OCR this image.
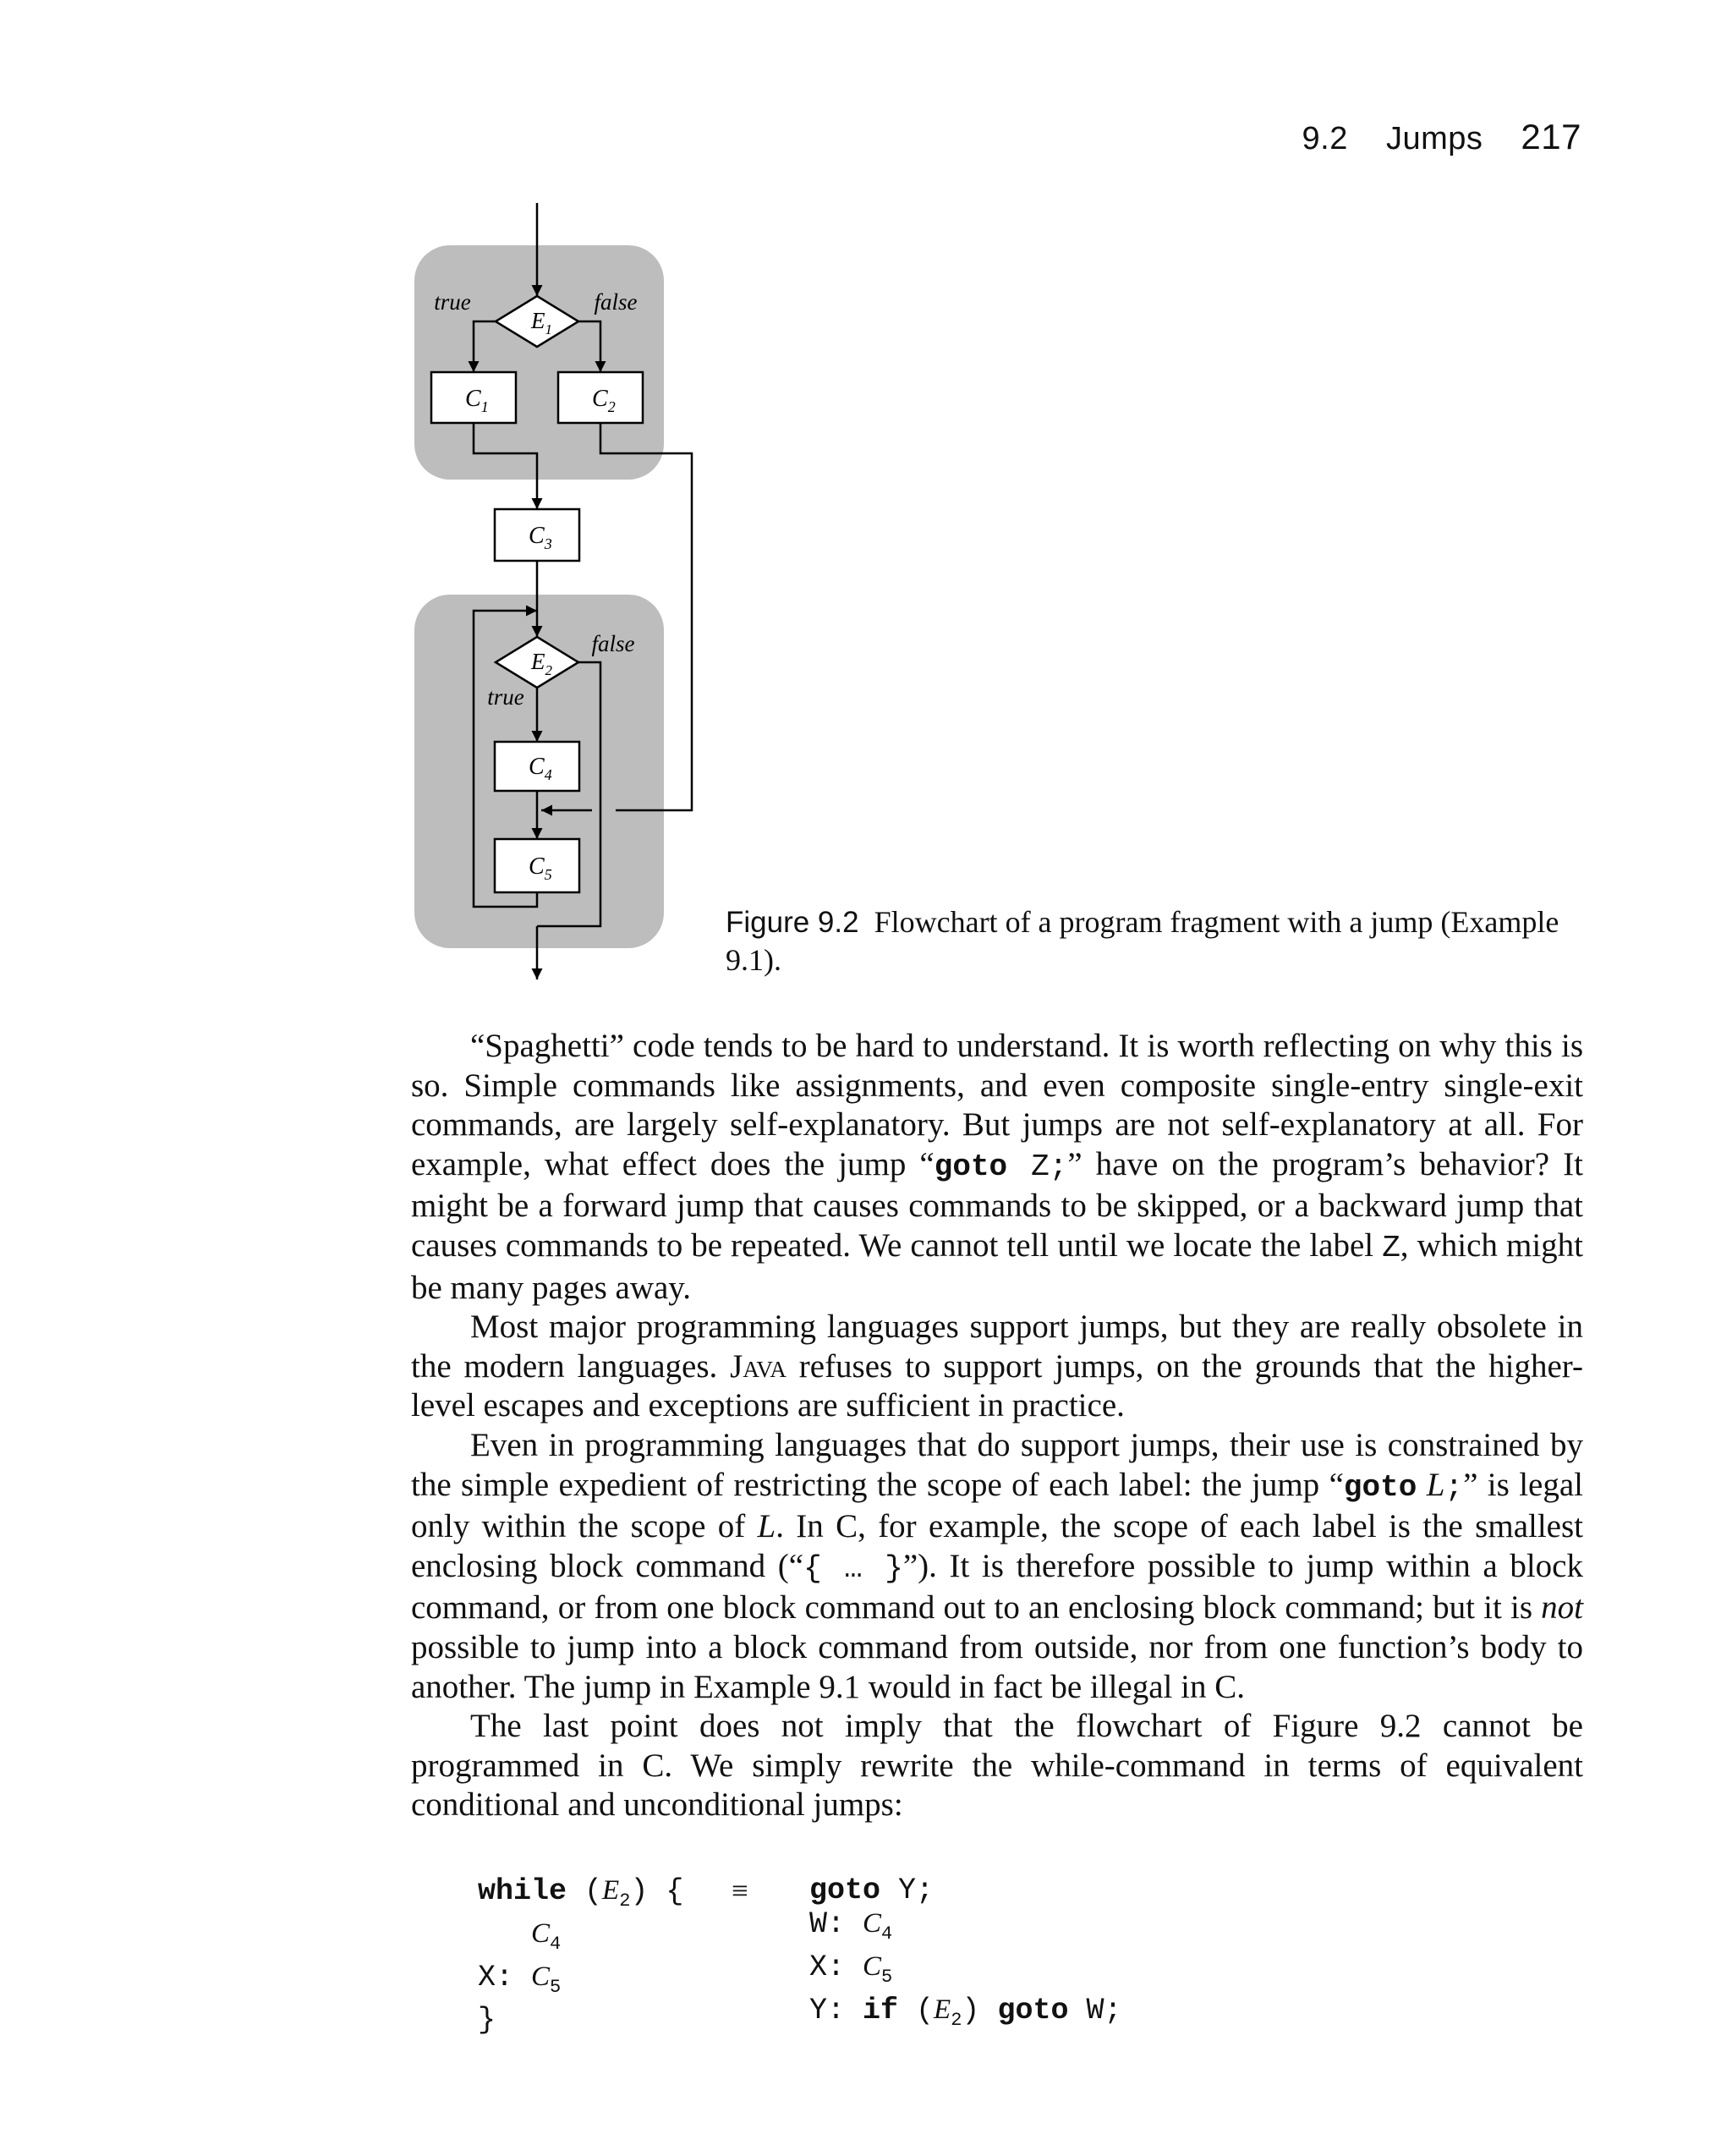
9.2 Jumps 217
true	false
false
true
$E_1$
$E_2$
$C_1$	$C_2$
$C_3$
$C_4$
$C_5$
Figure 9.2 Flowchart of a program fragment with a jump (Example 9.1).

“Spaghetti” code tends to be hard to understand. It is worth reflecting on why this is so. Simple commands like assignments, and even composite single-entry single-exit commands, are largely self-explanatory. But jumps are not self-explanatory at all. For example, what effect does the jump “goto Z;” have on the program’s behavior? It might be a forward jump that causes commands to be skipped, or a backward jump that causes commands to be repeated. We cannot tell until we locate the label Z, which might be many pages away.

Most major programming languages support jumps, but they are really obsolete in the modern languages. Java refuses to support jumps, on the grounds that the higher-level escapes and exceptions are sufficient in practice.

Even in programming languages that do support jumps, their use is constrained by the simple expedient of restricting the scope of each label: the jump “goto L;” is legal only within the scope of L. In C, for example, the scope of each label is the smallest enclosing block command (“{ … }”). It is therefore possible to jump within a block command, or from one block command out to an enclosing block command; but it is not possible to jump into a block command from outside, nor from one function’s body to another. The jump in Example 9.1 would in fact be illegal in C.

The last point does not imply that the flowchart of Figure 9.2 cannot be programmed in C. We simply rewrite the while-command in terms of equivalent conditional and unconditional jumps:

while $(E_2)$ {
$C_4$
X: $C_5$
}
≡ goto Y;
W: $C_4$
X: $C_5$
Y: if $(E_2)$ goto W;
